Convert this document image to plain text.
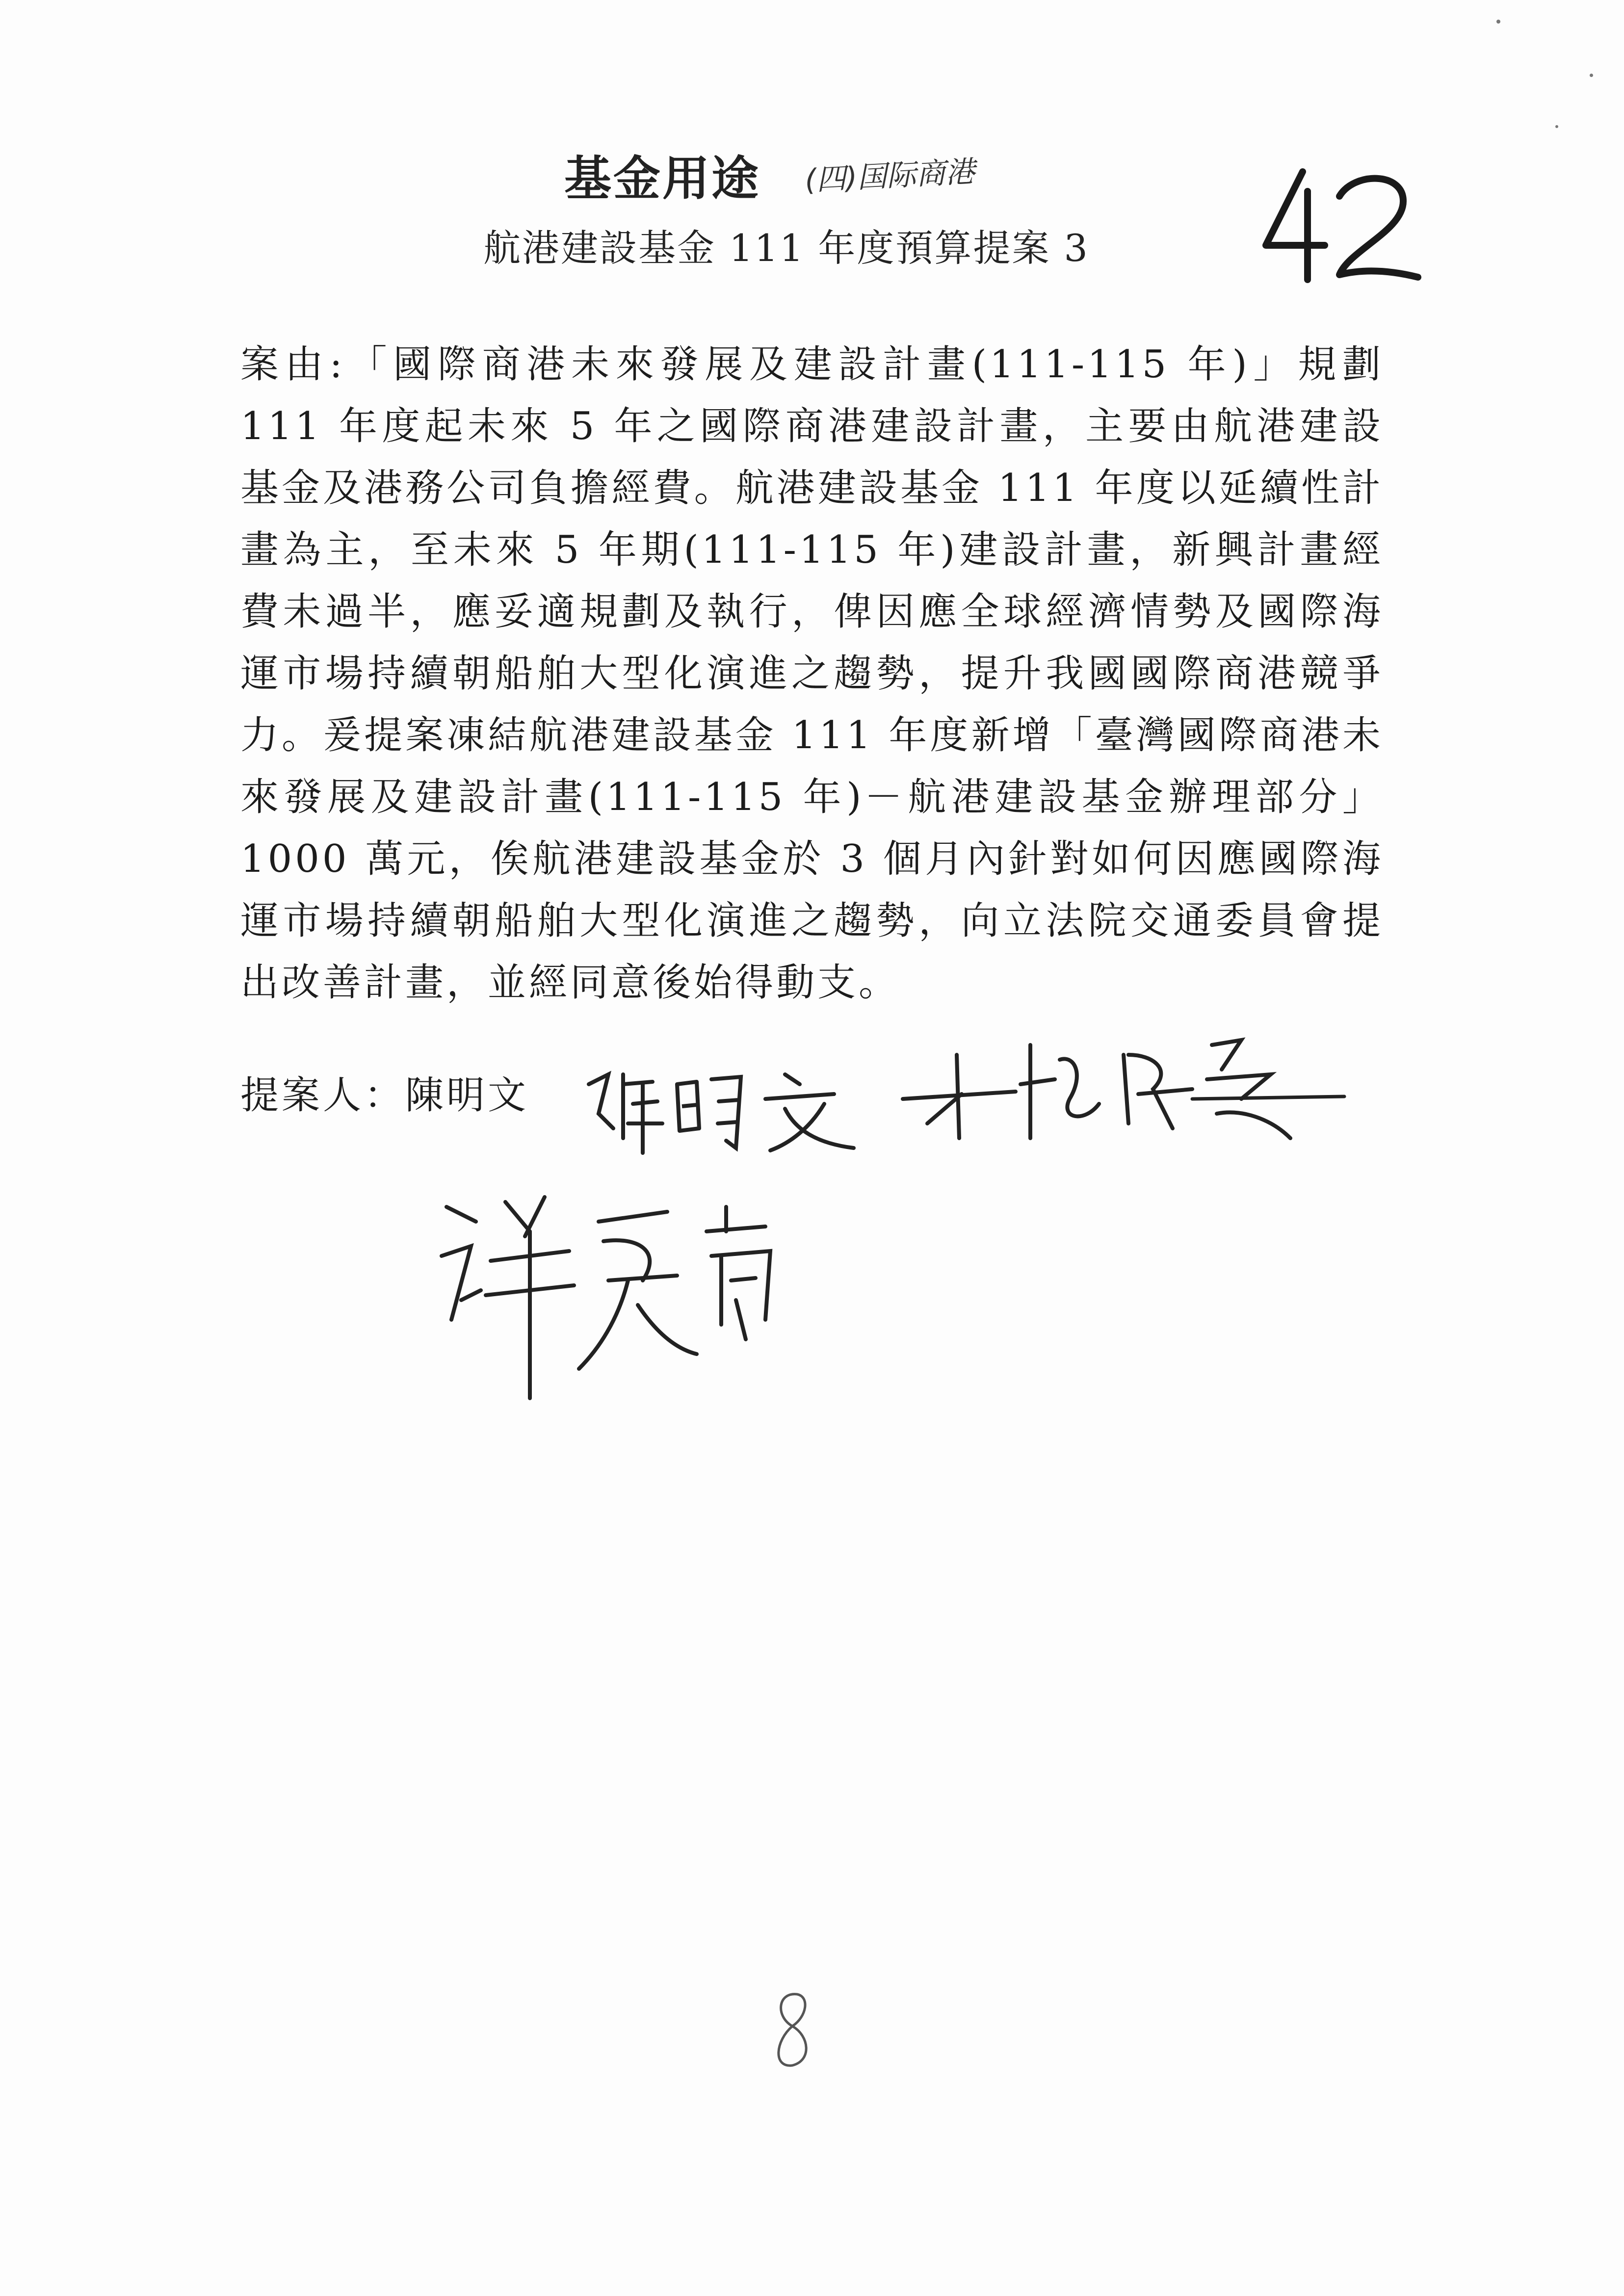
基金用途 (四)国际商港
航港建設基金 111 年度預算提案 3
案由:「國際商港未來發展及建設計畫(111-115 年)」規劃111 年度起未來 5 年之國際商港建設計畫，主要由航港建設基金及港務公司負擔經費。航港建設基金 111 年度以延續性計畫為主，至未來 5 年期(111-115 年)建設計畫，新興計畫經費未過半，應妥適規劃及執行，俾因應全球經濟情勢及國際海運市場持續朝船舶大型化演進之趨勢，提升我國國際商港競爭力。爰提案凍結航港建設基金 111 年度新增「臺灣國際商港未來發展及建設計畫(111-115 年)－航港建設基金辦理部分」1000 萬元，俟航港建設基金於 3 個月內針對如何因應國際海運市場持續朝船舶大型化演進之趨勢，向立法院交通委員會提出改善計畫，並經同意後始得動支。
提案人：陳明文
